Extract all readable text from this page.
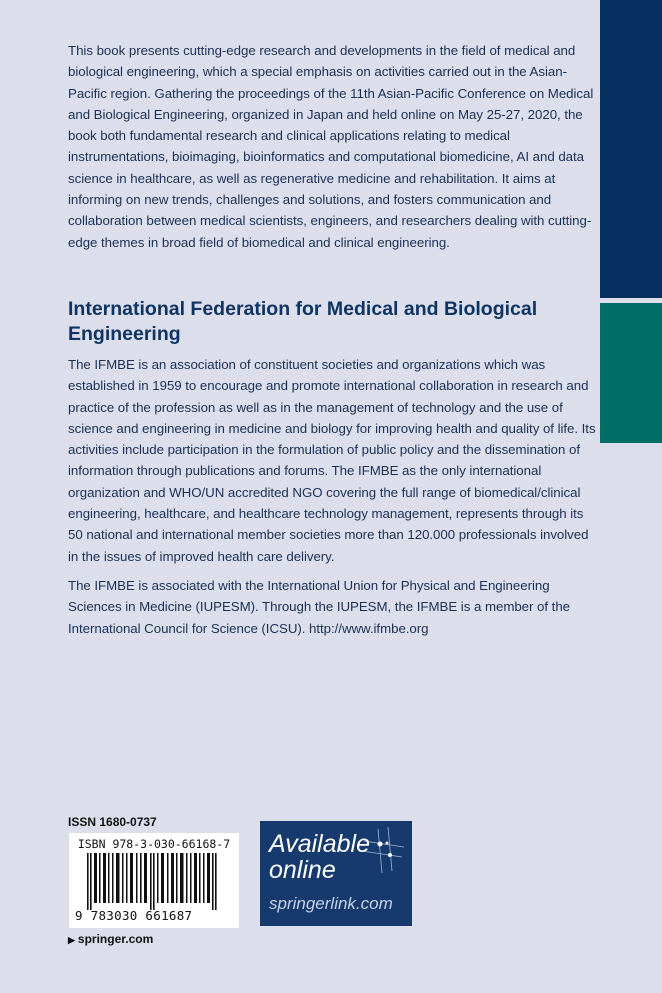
This book presents cutting-edge research and developments in the field of medical and biological engineering, which a special emphasis on activities carried out in the Asian-Pacific region. Gathering the proceedings of the 11th Asian-Pacific Conference on Medical and Biological Engineering, organized in Japan and held online on May 25-27, 2020, the book both fundamental research and clinical applications relating to medical instrumentations, bioimaging, bioinformatics and computational biomedicine, AI and data science in healthcare, as well as regenerative medicine and rehabilitation. It aims at informing on new trends, challenges and solutions, and fosters communication and collaboration between medical scientists, engineers, and researchers dealing with cutting-edge themes in broad field of biomedical and clinical engineering.

International Federation for Medical and Biological Engineering

The IFMBE is an association of constituent societies and organizations which was established in 1959 to encourage and promote international collaboration in research and practice of the profession as well as in the management of technology and the use of science and engineering in medicine and biology for improving health and quality of life. Its activities include participation in the formulation of public policy and the dissemination of information through publications and forums. The IFMBE as the only international organization and WHO/UN accredited NGO covering the full range of biomedical/clinical engineering, healthcare, and healthcare technology management, represents through its 50 national and international member societies more than 120.000 professionals involved in the issues of improved health care delivery.

The IFMBE is associated with the International Union for Physical and Engineering Sciences in Medicine (IUPESM). Through the IUPESM, the IFMBE is a member of the International Council for Science (ICSU). http://www.ifmbe.org

ISSN 1680-0737
ISBN 978-3-030-66168-7
9 783030 661687
▶ springer.com
Available
online
springerlink.com
